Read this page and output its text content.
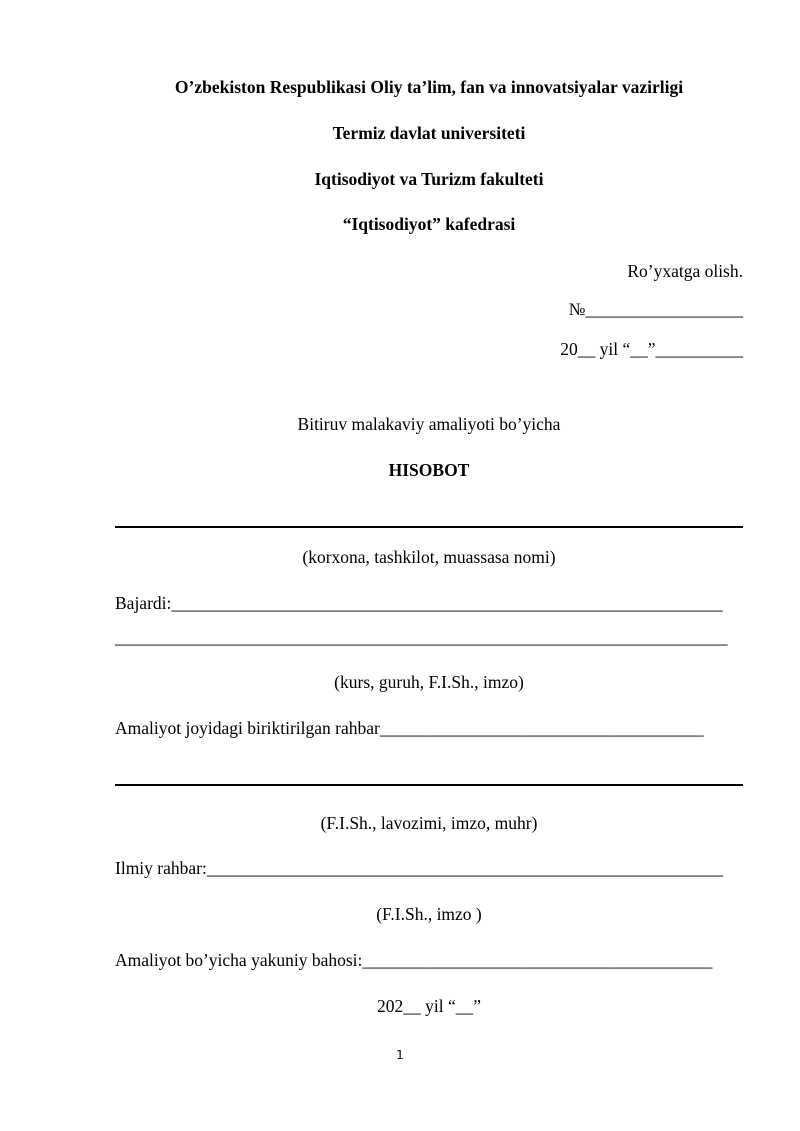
O’zbekiston Respublikasi Oliy ta’lim, fan va innovatsiyalar vazirligi
Termiz davlat universiteti
Iqtisodiyot va Turizm fakulteti
“Iqtisodiyot” kafedrasi
Ro’yxatga olish.
№__________________
20__ yil “__”__________
Bitiruv malakaviy amaliyoti bo’yicha
HISOBOT
(korxona, tashkilot, muassasa nomi)
Bajardi:_______________________________________________________________
______________________________________________________________________
(kurs, guruh, F.I.Sh., imzo)
Amaliyot joyidagi biriktirilgan rahbar_____________________________________
(F.I.Sh., lavozimi, imzo, muhr)
Ilmiy rahbar:___________________________________________________________
(F.I.Sh., imzo )
Amaliyot bo’yicha yakuniy bahosi:________________________________________
202__ yil “__”
1
